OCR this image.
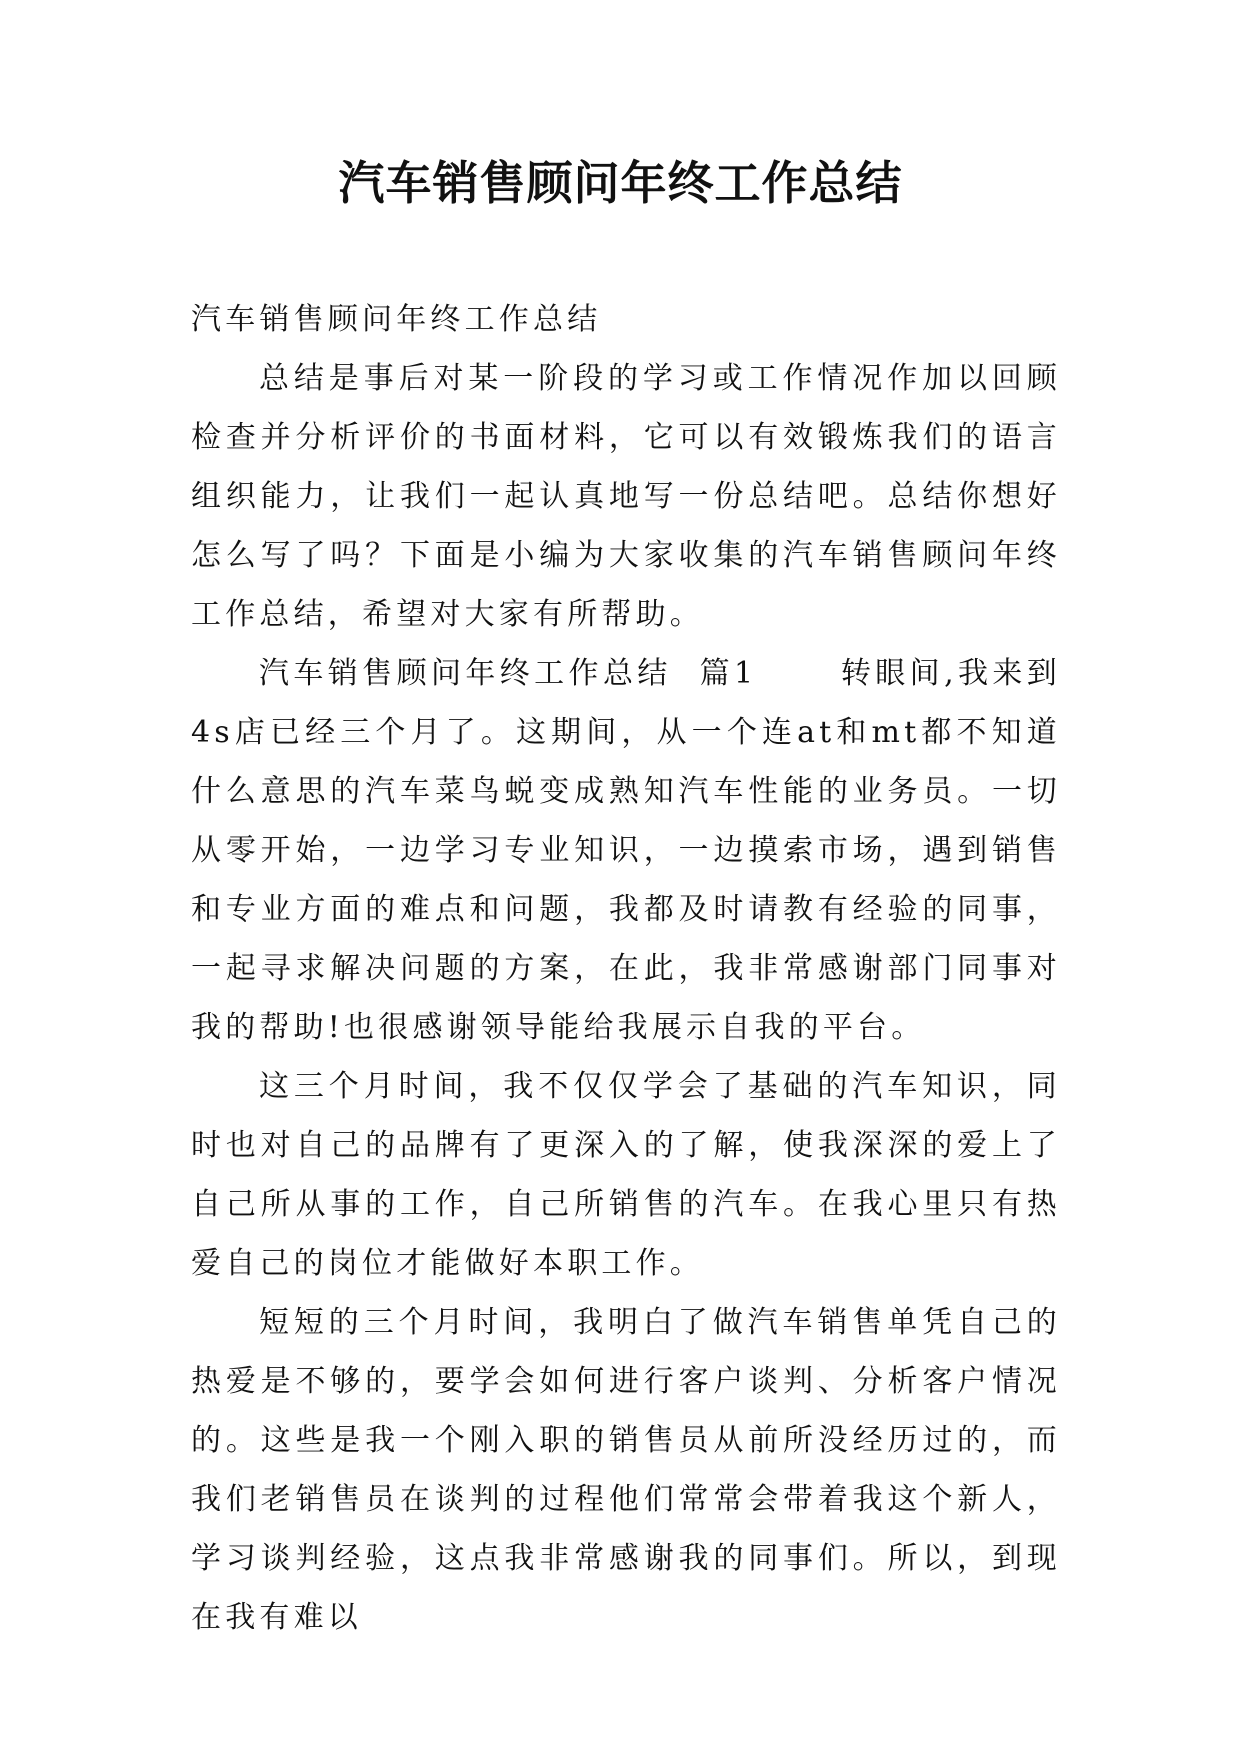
汽车销售顾问年终工作总结

汽车销售顾问年终工作总结

总结是事后对某一阶段的学习或工作情况作加以回顾检查并分析评价的书面材料，它可以有效锻炼我们的语言组织能力，让我们一起认真地写一份总结吧。总结你想好怎么写了吗？下面是小编为大家收集的汽车销售顾问年终工作总结，希望对大家有所帮助。

汽车销售顾问年终工作总结  篇1      转眼间,我来到4s店已经三个月了。这期间，从一个连at和mt都不知道什么意思的汽车菜鸟蜕变成熟知汽车性能的业务员。一切从零开始，一边学习专业知识，一边摸索市场，遇到销售和专业方面的难点和问题，我都及时请教有经验的同事，一起寻求解决问题的方案，在此，我非常感谢部门同事对我的帮助!也很感谢领导能给我展示自我的平台。

这三个月时间，我不仅仅学会了基础的汽车知识，同时也对自己的品牌有了更深入的了解，使我深深的爱上了自己所从事的工作，自己所销售的汽车。在我心里只有热爱自己的岗位才能做好本职工作。

短短的三个月时间，我明白了做汽车销售单凭自己的热爱是不够的，要学会如何进行客户谈判、分析客户情况的。这些是我一个刚入职的销售员从前所没经历过的，而我们老销售员在谈判的过程他们常常会带着我这个新人，学习谈判经验，这点我非常感谢我的同事们。所以，到现在我有难以
